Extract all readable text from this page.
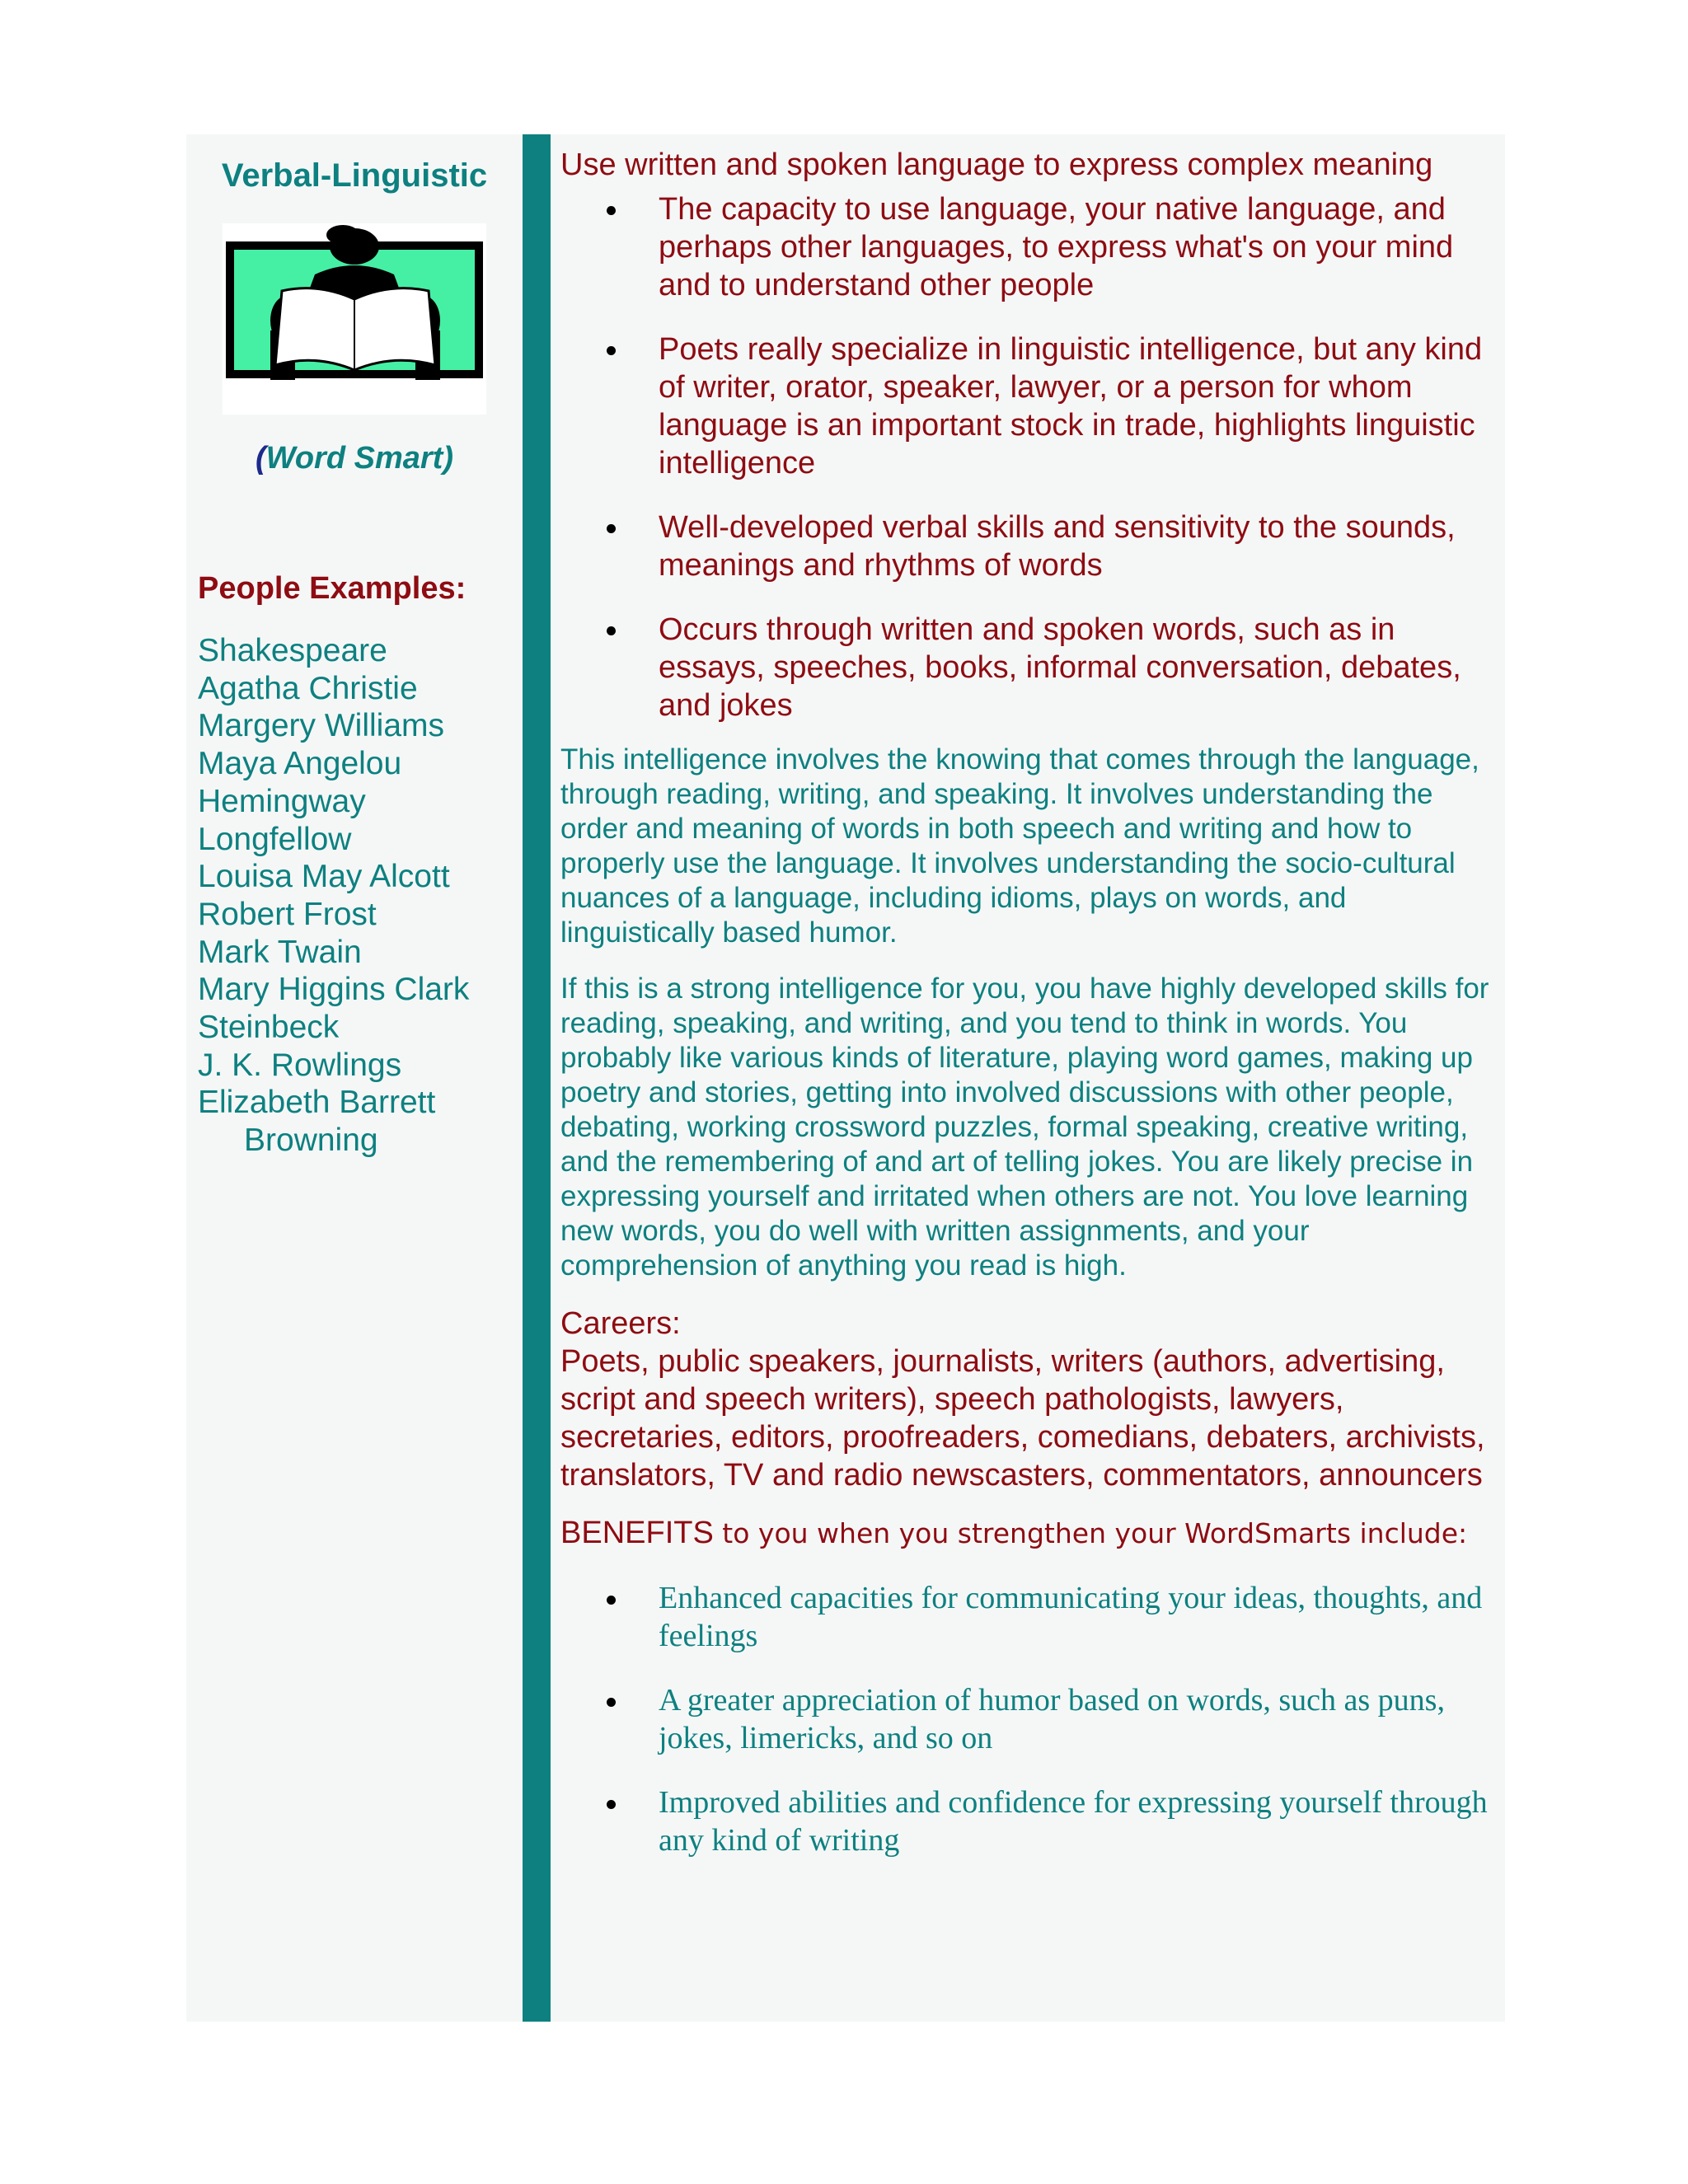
Verbal-Linguistic
(Word Smart)
People Examples:
Shakespeare
Agatha Christie
Margery Williams
Maya Angelou
Hemingway
Longfellow
Louisa May Alcott
Robert Frost
Mark Twain
Mary Higgins Clark
Steinbeck
J. K. Rowlings
Elizabeth Barrett
Browning

Use written and spoken language to express complex meaning

The capacity to use language, your native language, and perhaps other languages, to express what's on your mind and to understand other people
Poets really specialize in linguistic intelligence, but any kind of writer, orator, speaker, lawyer, or a person for whom language is an important stock in trade, highlights linguistic intelligence
Well-developed verbal skills and sensitivity to the sounds, meanings and rhythms of words
Occurs through written and spoken words, such as in essays, speeches, books, informal conversation, debates, and jokes

This intelligence involves the knowing that comes through the language, through reading, writing, and speaking. It involves understanding the order and meaning of words in both speech and writing and how to properly use the language. It involves understanding the socio-cultural nuances of a language, including idioms, plays on words, and linguistically based humor.

If this is a strong intelligence for you, you have highly developed skills for reading, speaking, and writing, and you tend to think in words. You probably like various kinds of literature, playing word games, making up poetry and stories, getting into involved discussions with other people, debating, working crossword puzzles, formal speaking, creative writing, and the remembering of and art of telling jokes. You are likely precise in expressing yourself and irritated when others are not. You love learning new words, you do well with written assignments, and your comprehension of anything you read is high.

Careers:
Poets, public speakers, journalists, writers (authors, advertising, script and speech writers), speech pathologists, lawyers, secretaries, editors, proofreaders, comedians, debaters, archivists, translators, TV and radio newscasters, commentators, announcers
BENEFITS to you when you strengthen your WordSmarts include:
Enhanced capacities for communicating your ideas, thoughts, and feelings
A greater appreciation of humor based on words, such as puns, jokes, limericks, and so on
Improved abilities and confidence for expressing yourself through any kind of writing
